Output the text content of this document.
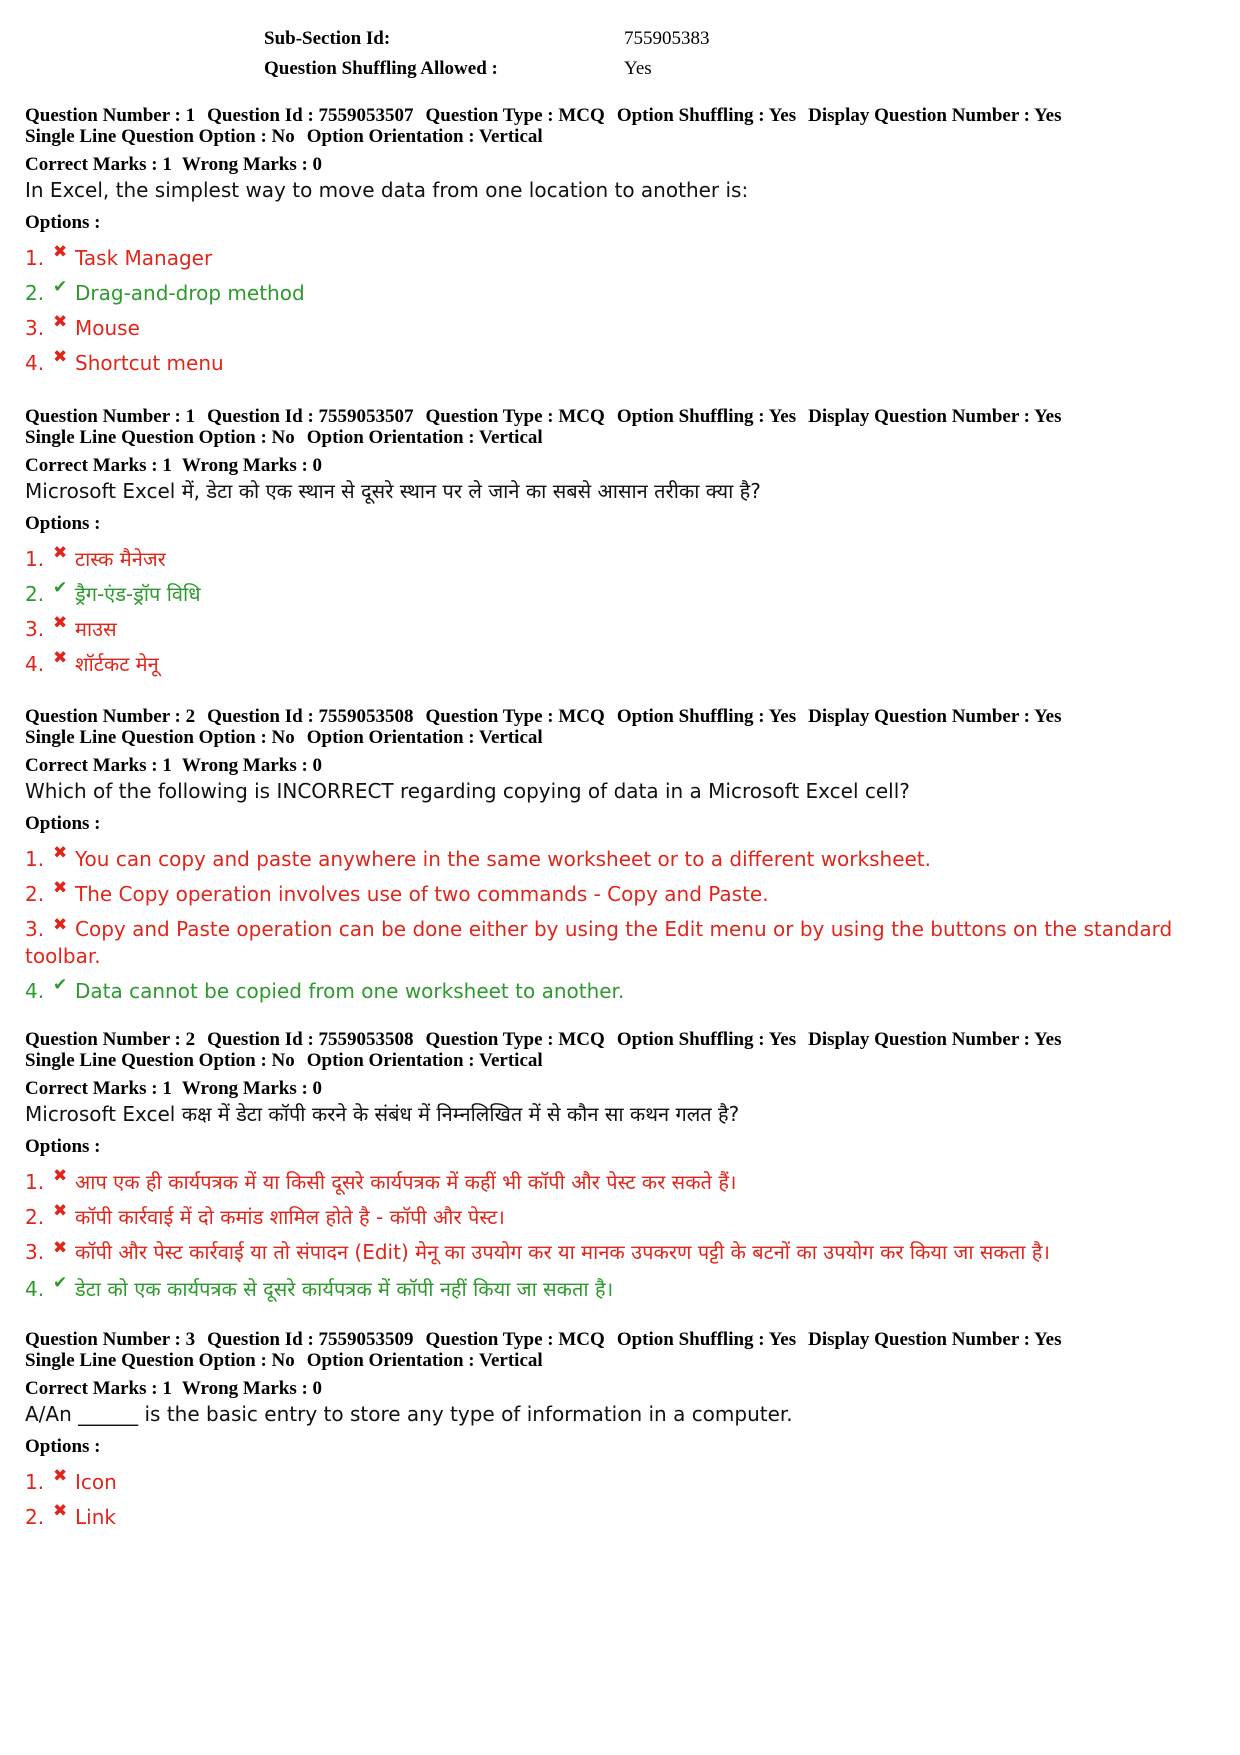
Sub-Section Id:	755905383
Question Shuffling Allowed :	Yes
Question Number : 1 Question Id : 7559053507 Question Type : MCQ Option Shuffling : Yes Display Question Number : Yes
Single Line Question Option : No Option Orientation : Vertical
Correct Marks : 1 Wrong Marks : 0
In Excel, the simplest way to move data from one location to another is:
Options :
1. ✖ Task Manager
2. ✔ Drag-and-drop method
3. ✖ Mouse
4. ✖ Shortcut menu
Question Number : 1 Question Id : 7559053507 Question Type : MCQ Option Shuffling : Yes Display Question Number : Yes
Single Line Question Option : No Option Orientation : Vertical
Correct Marks : 1 Wrong Marks : 0
Microsoft Excel में, डेटा को एक स्थान से दूसरे स्थान पर ले जाने का सबसे आसान तरीका क्या है?
Options :
1. ✖ टास्क मैनेजर
2. ✔ ड्रैग-एंड-ड्रॉप विधि
3. ✖ माउस
4. ✖ शॉर्टकट मेनू
Question Number : 2 Question Id : 7559053508 Question Type : MCQ Option Shuffling : Yes Display Question Number : Yes
Single Line Question Option : No Option Orientation : Vertical
Correct Marks : 1 Wrong Marks : 0
Which of the following is INCORRECT regarding copying of data in a Microsoft Excel cell?
Options :
1. ✖ You can copy and paste anywhere in the same worksheet or to a different worksheet.
2. ✖ The Copy operation involves use of two commands - Copy and Paste.
3. ✖ Copy and Paste operation can be done either by using the Edit menu or by using the buttons on the standard toolbar.
4. ✔ Data cannot be copied from one worksheet to another.
Question Number : 2 Question Id : 7559053508 Question Type : MCQ Option Shuffling : Yes Display Question Number : Yes
Single Line Question Option : No Option Orientation : Vertical
Correct Marks : 1 Wrong Marks : 0
Microsoft Excel कक्ष में डेटा कॉपी करने के संबंध में निम्नलिखित में से कौन सा कथन गलत है?
Options :
1. ✖ आप एक ही कार्यपत्रक में या किसी दूसरे कार्यपत्रक में कहीं भी कॉपी और पेस्ट कर सकते हैं।
2. ✖ कॉपी कार्रवाई में दो कमांड शामिल होते है - कॉपी और पेस्ट।
3. ✖ कॉपी और पेस्ट कार्रवाई या तो संपादन (Edit) मेनू का उपयोग कर या मानक उपकरण पट्टी के बटनों का उपयोग कर किया जा सकता है।
4. ✔ डेटा को एक कार्यपत्रक से दूसरे कार्यपत्रक में कॉपी नहीं किया जा सकता है।
Question Number : 3 Question Id : 7559053509 Question Type : MCQ Option Shuffling : Yes Display Question Number : Yes
Single Line Question Option : No Option Orientation : Vertical
Correct Marks : 1 Wrong Marks : 0
A/An ______ is the basic entry to store any type of information in a computer.
Options :
1. ✖ Icon
2. ✖ Link
